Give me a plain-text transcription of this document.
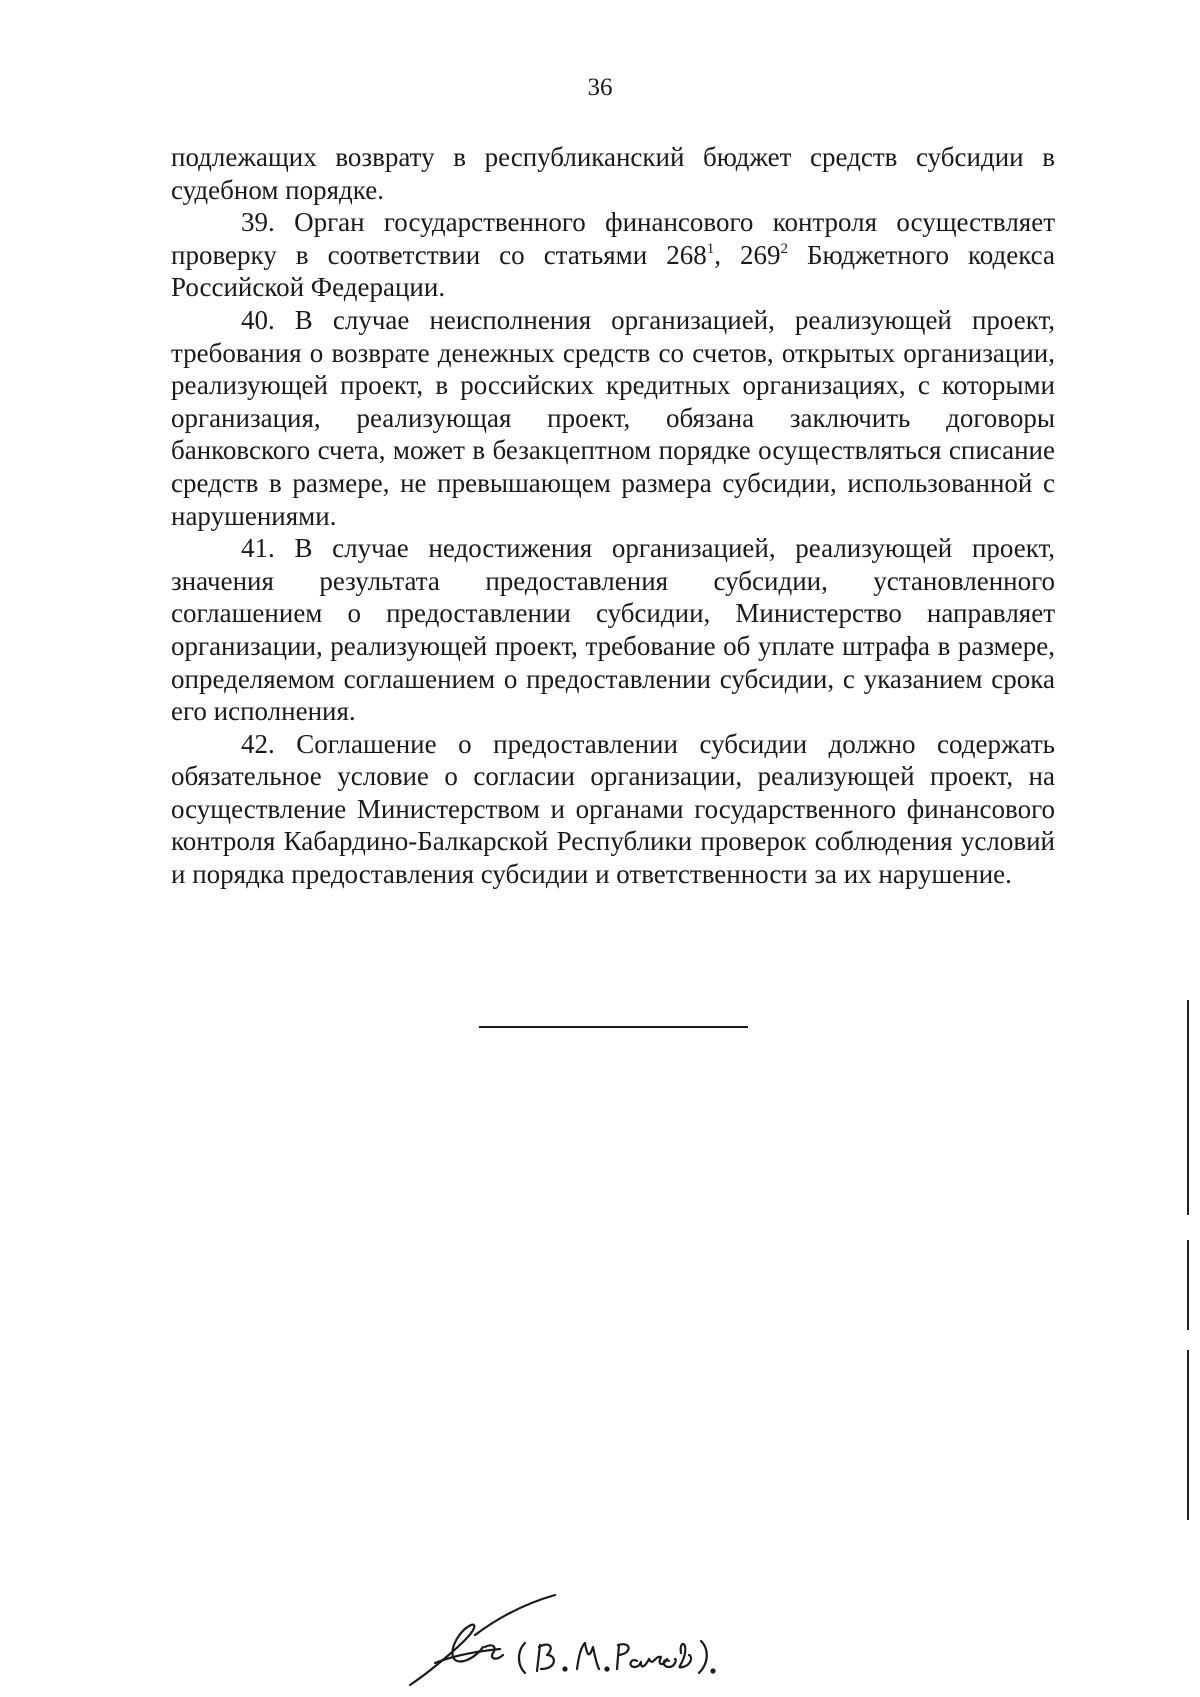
36

подлежащих возврату в республиканский бюджет средств субсидии в судебном порядке.

39. Орган государственного финансового контроля осуществляет проверку в соответствии со статьями $268^1$, $269^2$ Бюджетного кодекса Российской Федерации.

40. В случае неисполнения организацией, реализующей проект, требования о возврате денежных средств со счетов, открытых организации, реализующей проект, в российских кредитных организациях, с которыми организация, реализующая проект, обязана заключить договоры банковского счета, может в безакцептном порядке осуществляться списание средств в размере, не превышающем размера субсидии, использованной с нарушениями.

41. В случае недостижения организацией, реализующей проект, значения результата предоставления субсидии, установленного соглашением о предоставлении субсидии, Министерство направляет организации, реализующей проект, требование об уплате штрафа в размере, определяемом соглашением о предоставлении субсидии, с указанием срока его исполнения.

42. Соглашение о предоставлении субсидии должно содержать обязательное условие о согласии организации, реализующей проект, на осуществление Министерством и органами государственного финансового контроля Кабардино-Балкарской Республики проверок соблюдения условий и порядка предоставления субсидии и ответственности за их нарушение.
